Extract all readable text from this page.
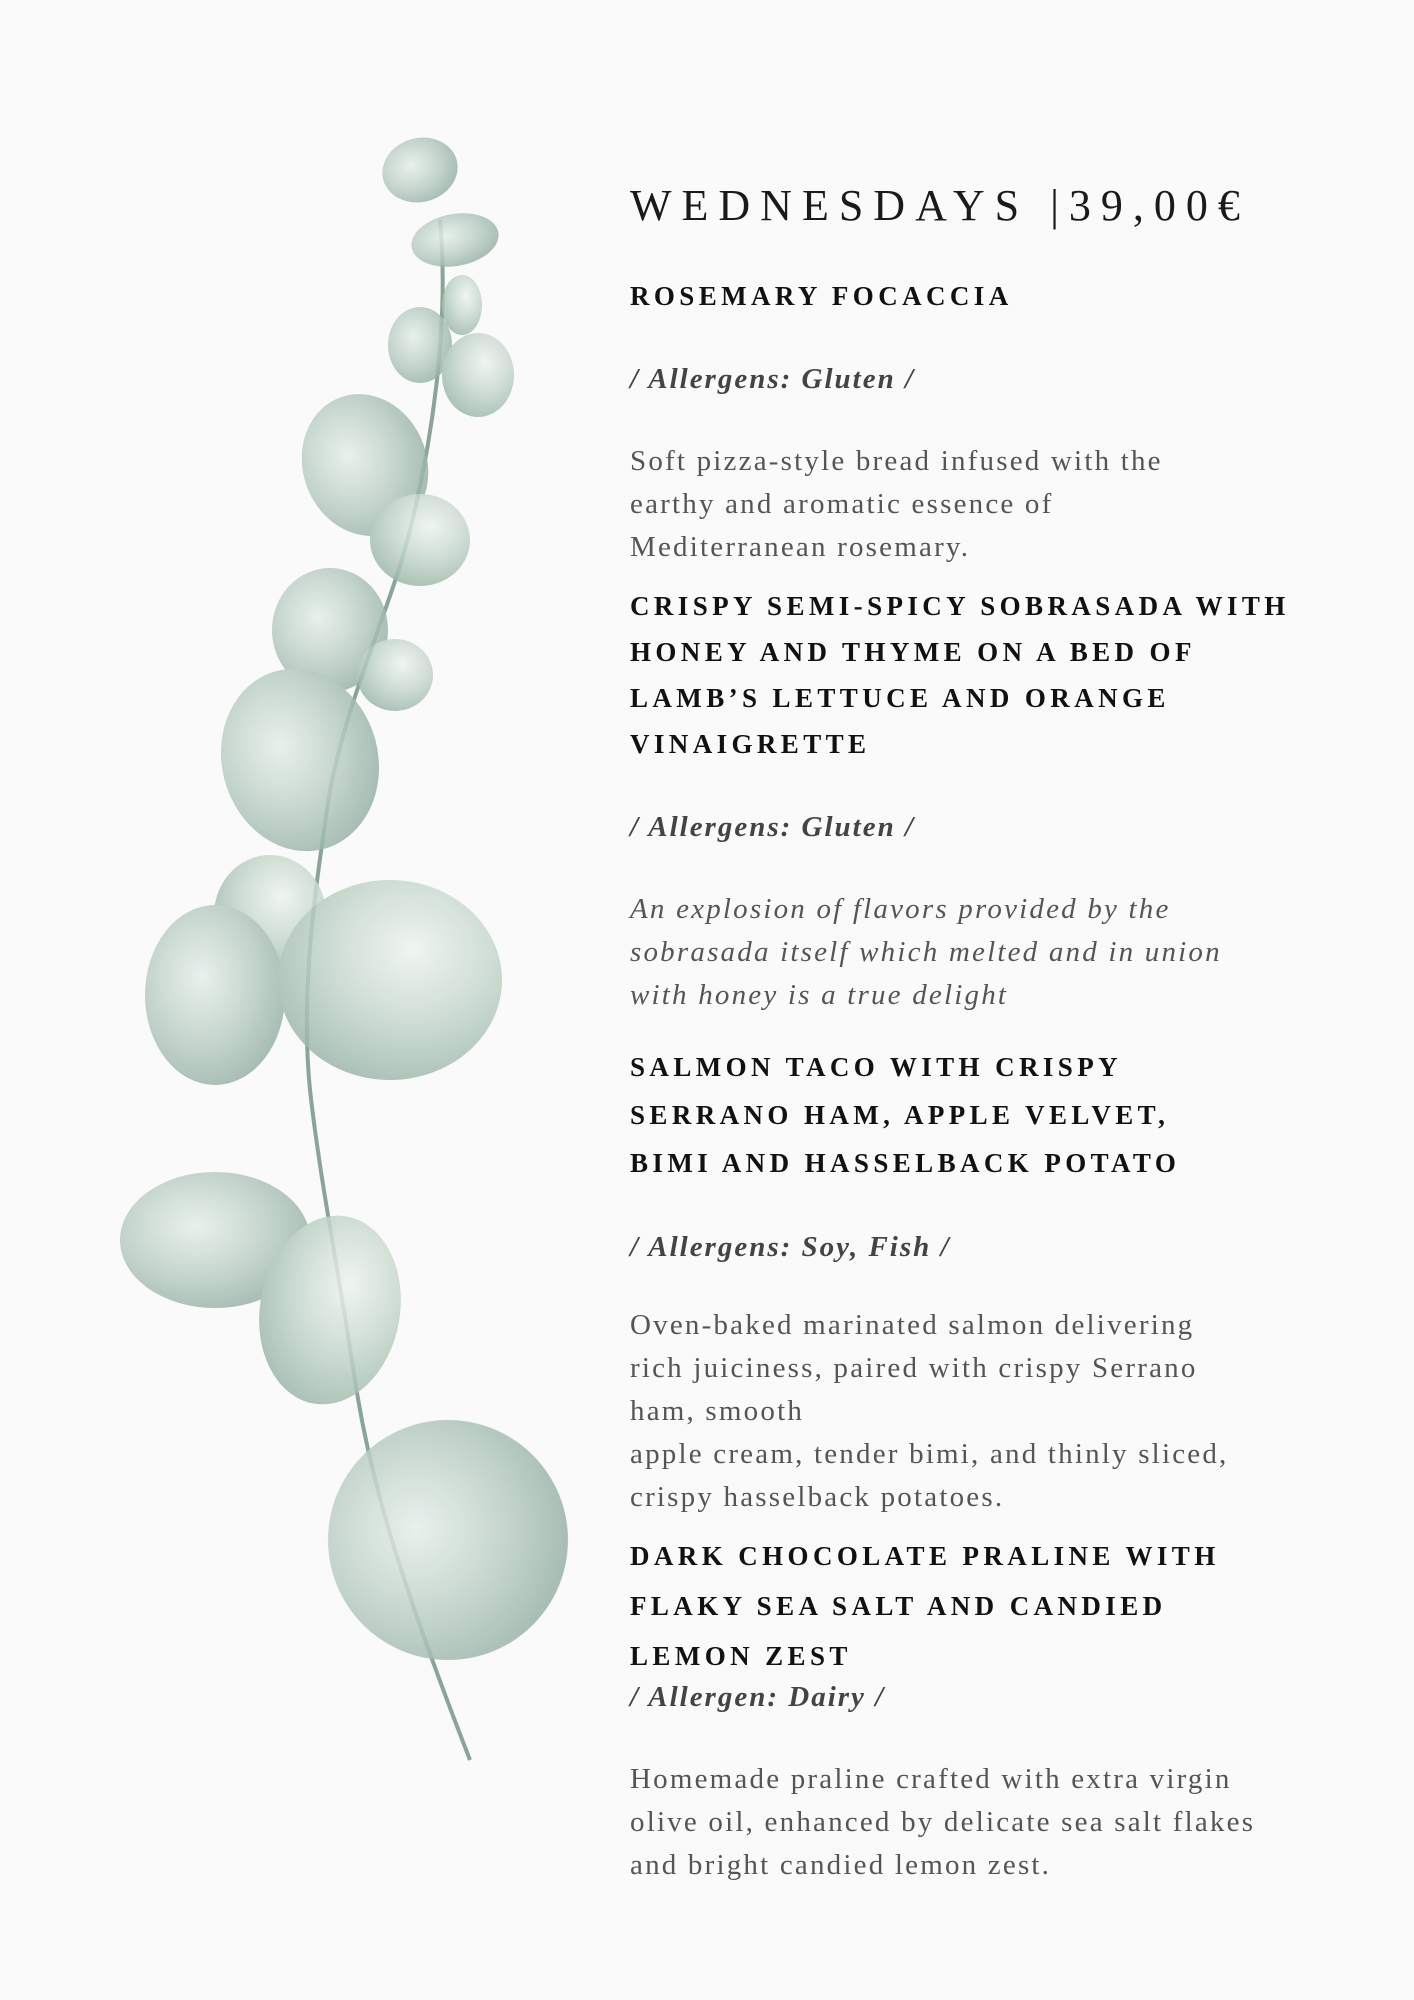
WEDNESDAYS |39,00€

ROSEMARY FOCACCIA

/ Allergens: Gluten /

Soft pizza-style bread infused with the
earthy and aromatic essence of
Mediterranean rosemary.

CRISPY SEMI-SPICY SOBRASADA WITH
HONEY AND THYME ON A BED OF
LAMB’S LETTUCE AND ORANGE
VINAIGRETTE

/ Allergens: Gluten /

An explosion of flavors provided by the
sobrasada itself which melted and in union
with honey is a true delight

SALMON TACO WITH CRISPY
SERRANO HAM, APPLE VELVET,
BIMI AND HASSELBACK POTATO

/ Allergens: Soy, Fish /

Oven-baked marinated salmon delivering
rich juiciness, paired with crispy Serrano
ham, smooth
apple cream, tender bimi, and thinly sliced,
crispy hasselback potatoes.

DARK CHOCOLATE PRALINE WITH
FLAKY SEA SALT AND CANDIED
LEMON ZEST

/ Allergen: Dairy /

Homemade praline crafted with extra virgin
olive oil, enhanced by delicate sea salt flakes
and bright candied lemon zest.
